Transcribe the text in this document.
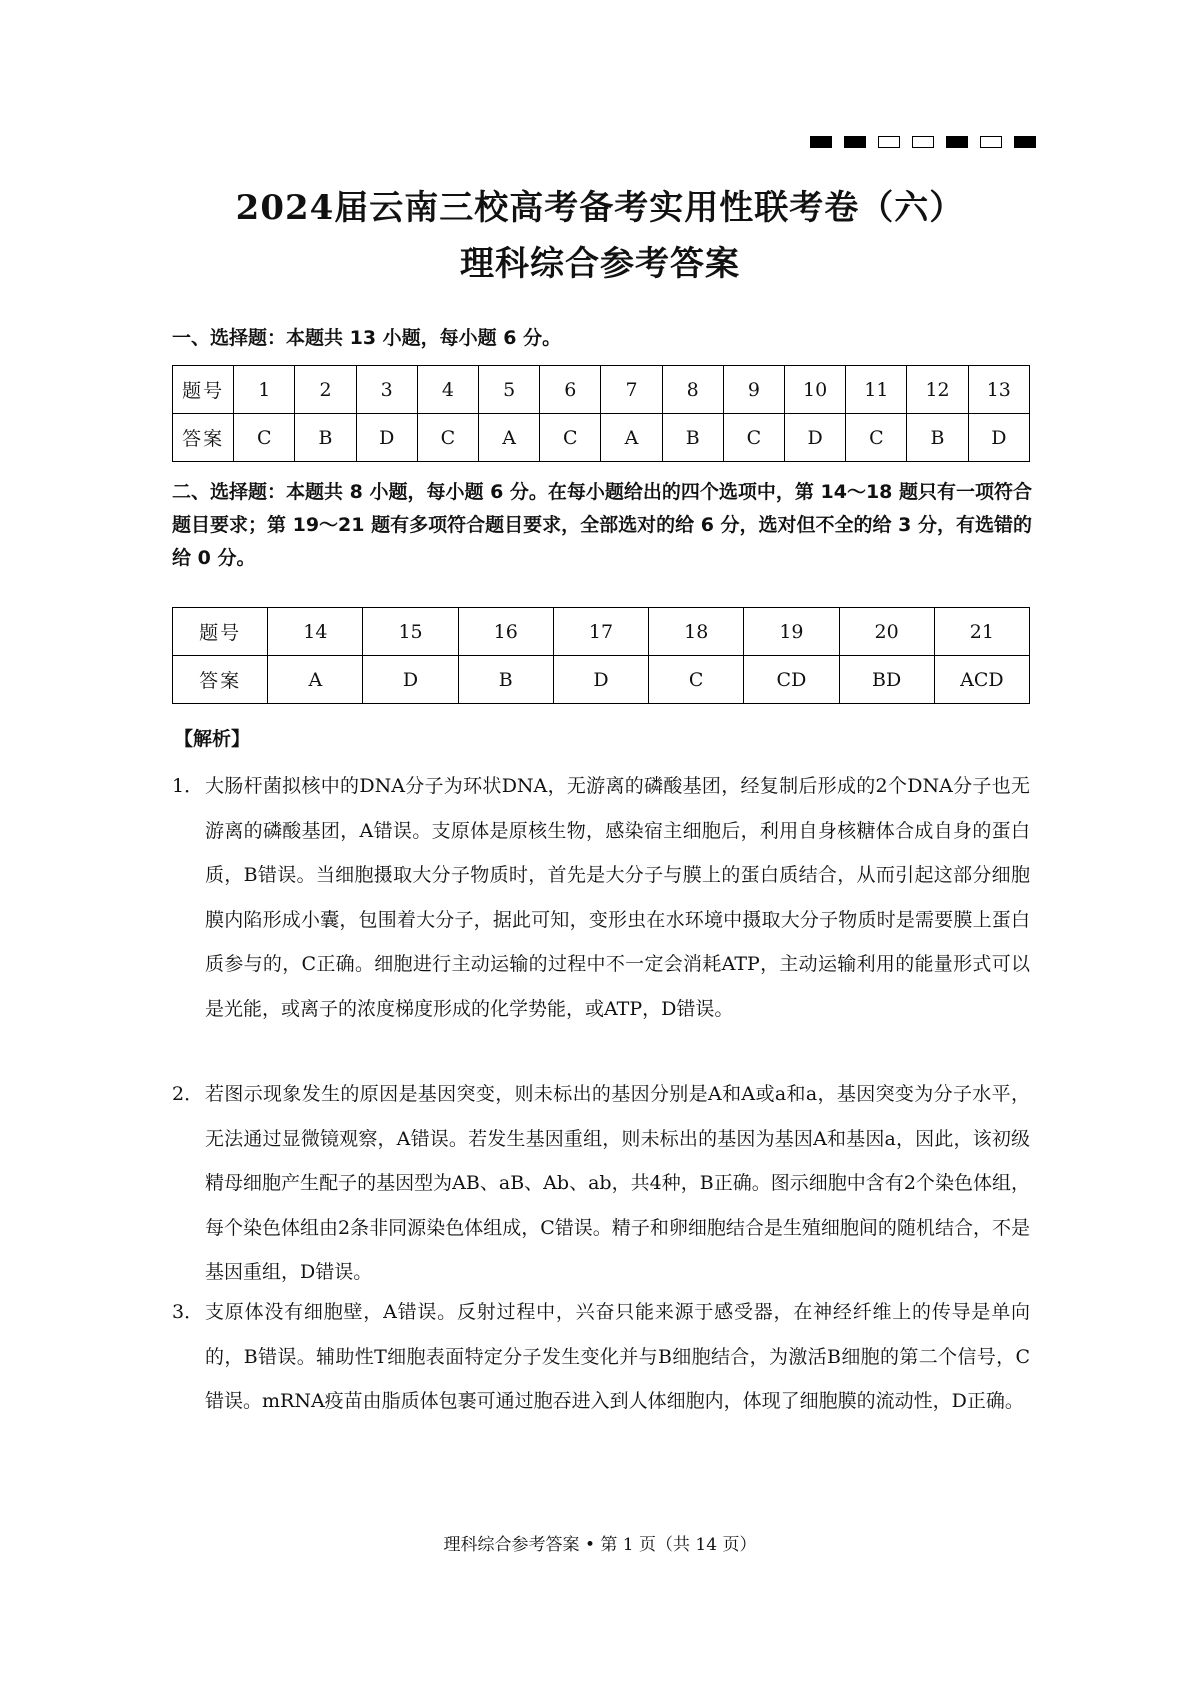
2024届云南三校高考备考实用性联考卷（六）
理科综合参考答案
一、选择题：本题共 13 小题，每小题 6 分。
题号	1	2	3	4	5	6	7	8	9	10	11	12	13
答案	C	B	D	C	A	C	A	B	C	D	C	B	D
二、选择题：本题共 8 小题，每小题 6 分。在每小题给出的四个选项中，第 14～18 题只有一项符合题目要求；第 19～21 题有多项符合题目要求，全部选对的给 6 分，选对但不全的给 3 分，有选错的给 0 分。
题号	14	15	16	17	18	19	20	21
答案	A	D	B	D	C	CD	BD	ACD
【解析】
1． 大肠杆菌拟核中的DNA分子为环状DNA，无游离的磷酸基团，经复制后形成的2个DNA分子也无游离的磷酸基团，A错误。支原体是原核生物，感染宿主细胞后，利用自身核糖体合成自身的蛋白质，B错误。当细胞摄取大分子物质时，首先是大分子与膜上的蛋白质结合，从而引起这部分细胞膜内陷形成小囊，包围着大分子，据此可知，变形虫在水环境中摄取大分子物质时是需要膜上蛋白质参与的，C正确。细胞进行主动运输的过程中不一定会消耗ATP，主动运输利用的能量形式可以是光能，或离子的浓度梯度形成的化学势能，或ATP，D错误。
2． 若图示现象发生的原因是基因突变，则未标出的基因分别是A和A或a和a，基因突变为分子水平，无法通过显微镜观察，A错误。若发生基因重组，则未标出的基因为基因A和基因a，因此，该初级精母细胞产生配子的基因型为AB、aB、Ab、ab，共4种，B正确。图示细胞中含有2个染色体组，每个染色体组由2条非同源染色体组成，C错误。精子和卵细胞结合是生殖细胞间的随机结合，不是基因重组，D错误。
3． 支原体没有细胞壁，A错误。反射过程中，兴奋只能来源于感受器，在神经纤维上的传导是单向的，B错误。辅助性T细胞表面特定分子发生变化并与B细胞结合，为激活B细胞的第二个信号，C错误。mRNA疫苗由脂质体包裹可通过胞吞进入到人体细胞内，体现了细胞膜的流动性，D正确。
理科综合参考答案 • 第 1 页（共 14 页）
